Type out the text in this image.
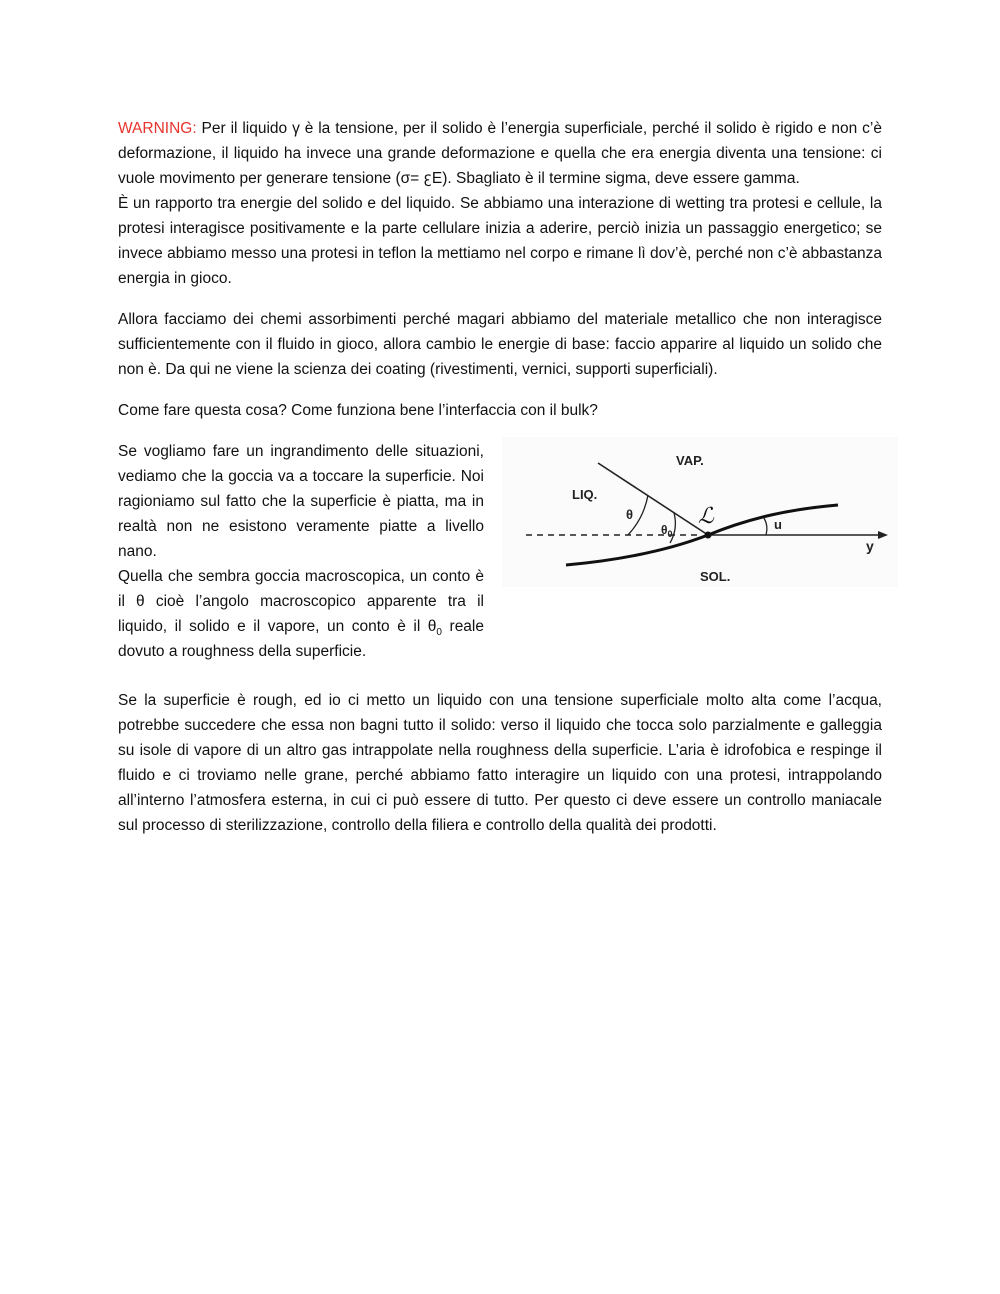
WARNING: Per il liquido γ è la tensione, per il solido è l’energia superficiale, perché il solido è rigido e non c’è deformazione, il liquido ha invece una grande deformazione e quella che era energia diventa una tensione: ci vuole movimento per generare tensione (σ= ꜫE). Sbagliato è il termine sigma, deve essere gamma.

È un rapporto tra energie del solido e del liquido. Se abbiamo una interazione di wetting tra protesi e cellule, la protesi interagisce positivamente e la parte cellulare inizia a aderire, perciò inizia un passaggio energetico; se invece abbiamo messo una protesi in teflon la mettiamo nel corpo e rimane lì dov’è, perché non c’è abbastanza energia in gioco.

Allora facciamo dei chemi assorbimenti perché magari abbiamo del materiale metallico che non interagisce sufficientemente con il fluido in gioco, allora cambio le energie di base: faccio apparire al liquido un solido che non è. Da qui ne viene la scienza dei coating (rivestimenti, vernici, supporti superficiali).

Come fare questa cosa? Come funziona bene l’interfaccia con il bulk?

Se vogliamo fare un ingrandimento delle situazioni, vediamo che la goccia va a toccare la superficie. Noi ragioniamo sul fatto che la superficie è piatta, ma in realtà non ne esistono veramente piatte a livello nano.

Quella che sembra goccia macroscopica, un conto è il θ cioè l’angolo macroscopico apparente tra il liquido, il solido e il vapore, un conto è il $\theta_0$ reale dovuto a roughness della superficie.

VAP.
LIQ.
SOL.
θ
$\theta_0$
ℒ	u
y

Se la superficie è rough, ed io ci metto un liquido con una tensione superficiale molto alta come l’acqua, potrebbe succedere che essa non bagni tutto il solido: verso il liquido che tocca solo parzialmente e galleggia su isole di vapore di un altro gas intrappolate nella roughness della superficie. L’aria è idrofobica e respinge il fluido e ci troviamo nelle grane, perché abbiamo fatto interagire un liquido con una protesi, intrappolando all’interno l’atmosfera esterna, in cui ci può essere di tutto. Per questo ci deve essere un controllo maniacale sul processo di sterilizzazione, controllo della filiera e controllo della qualità dei prodotti.
